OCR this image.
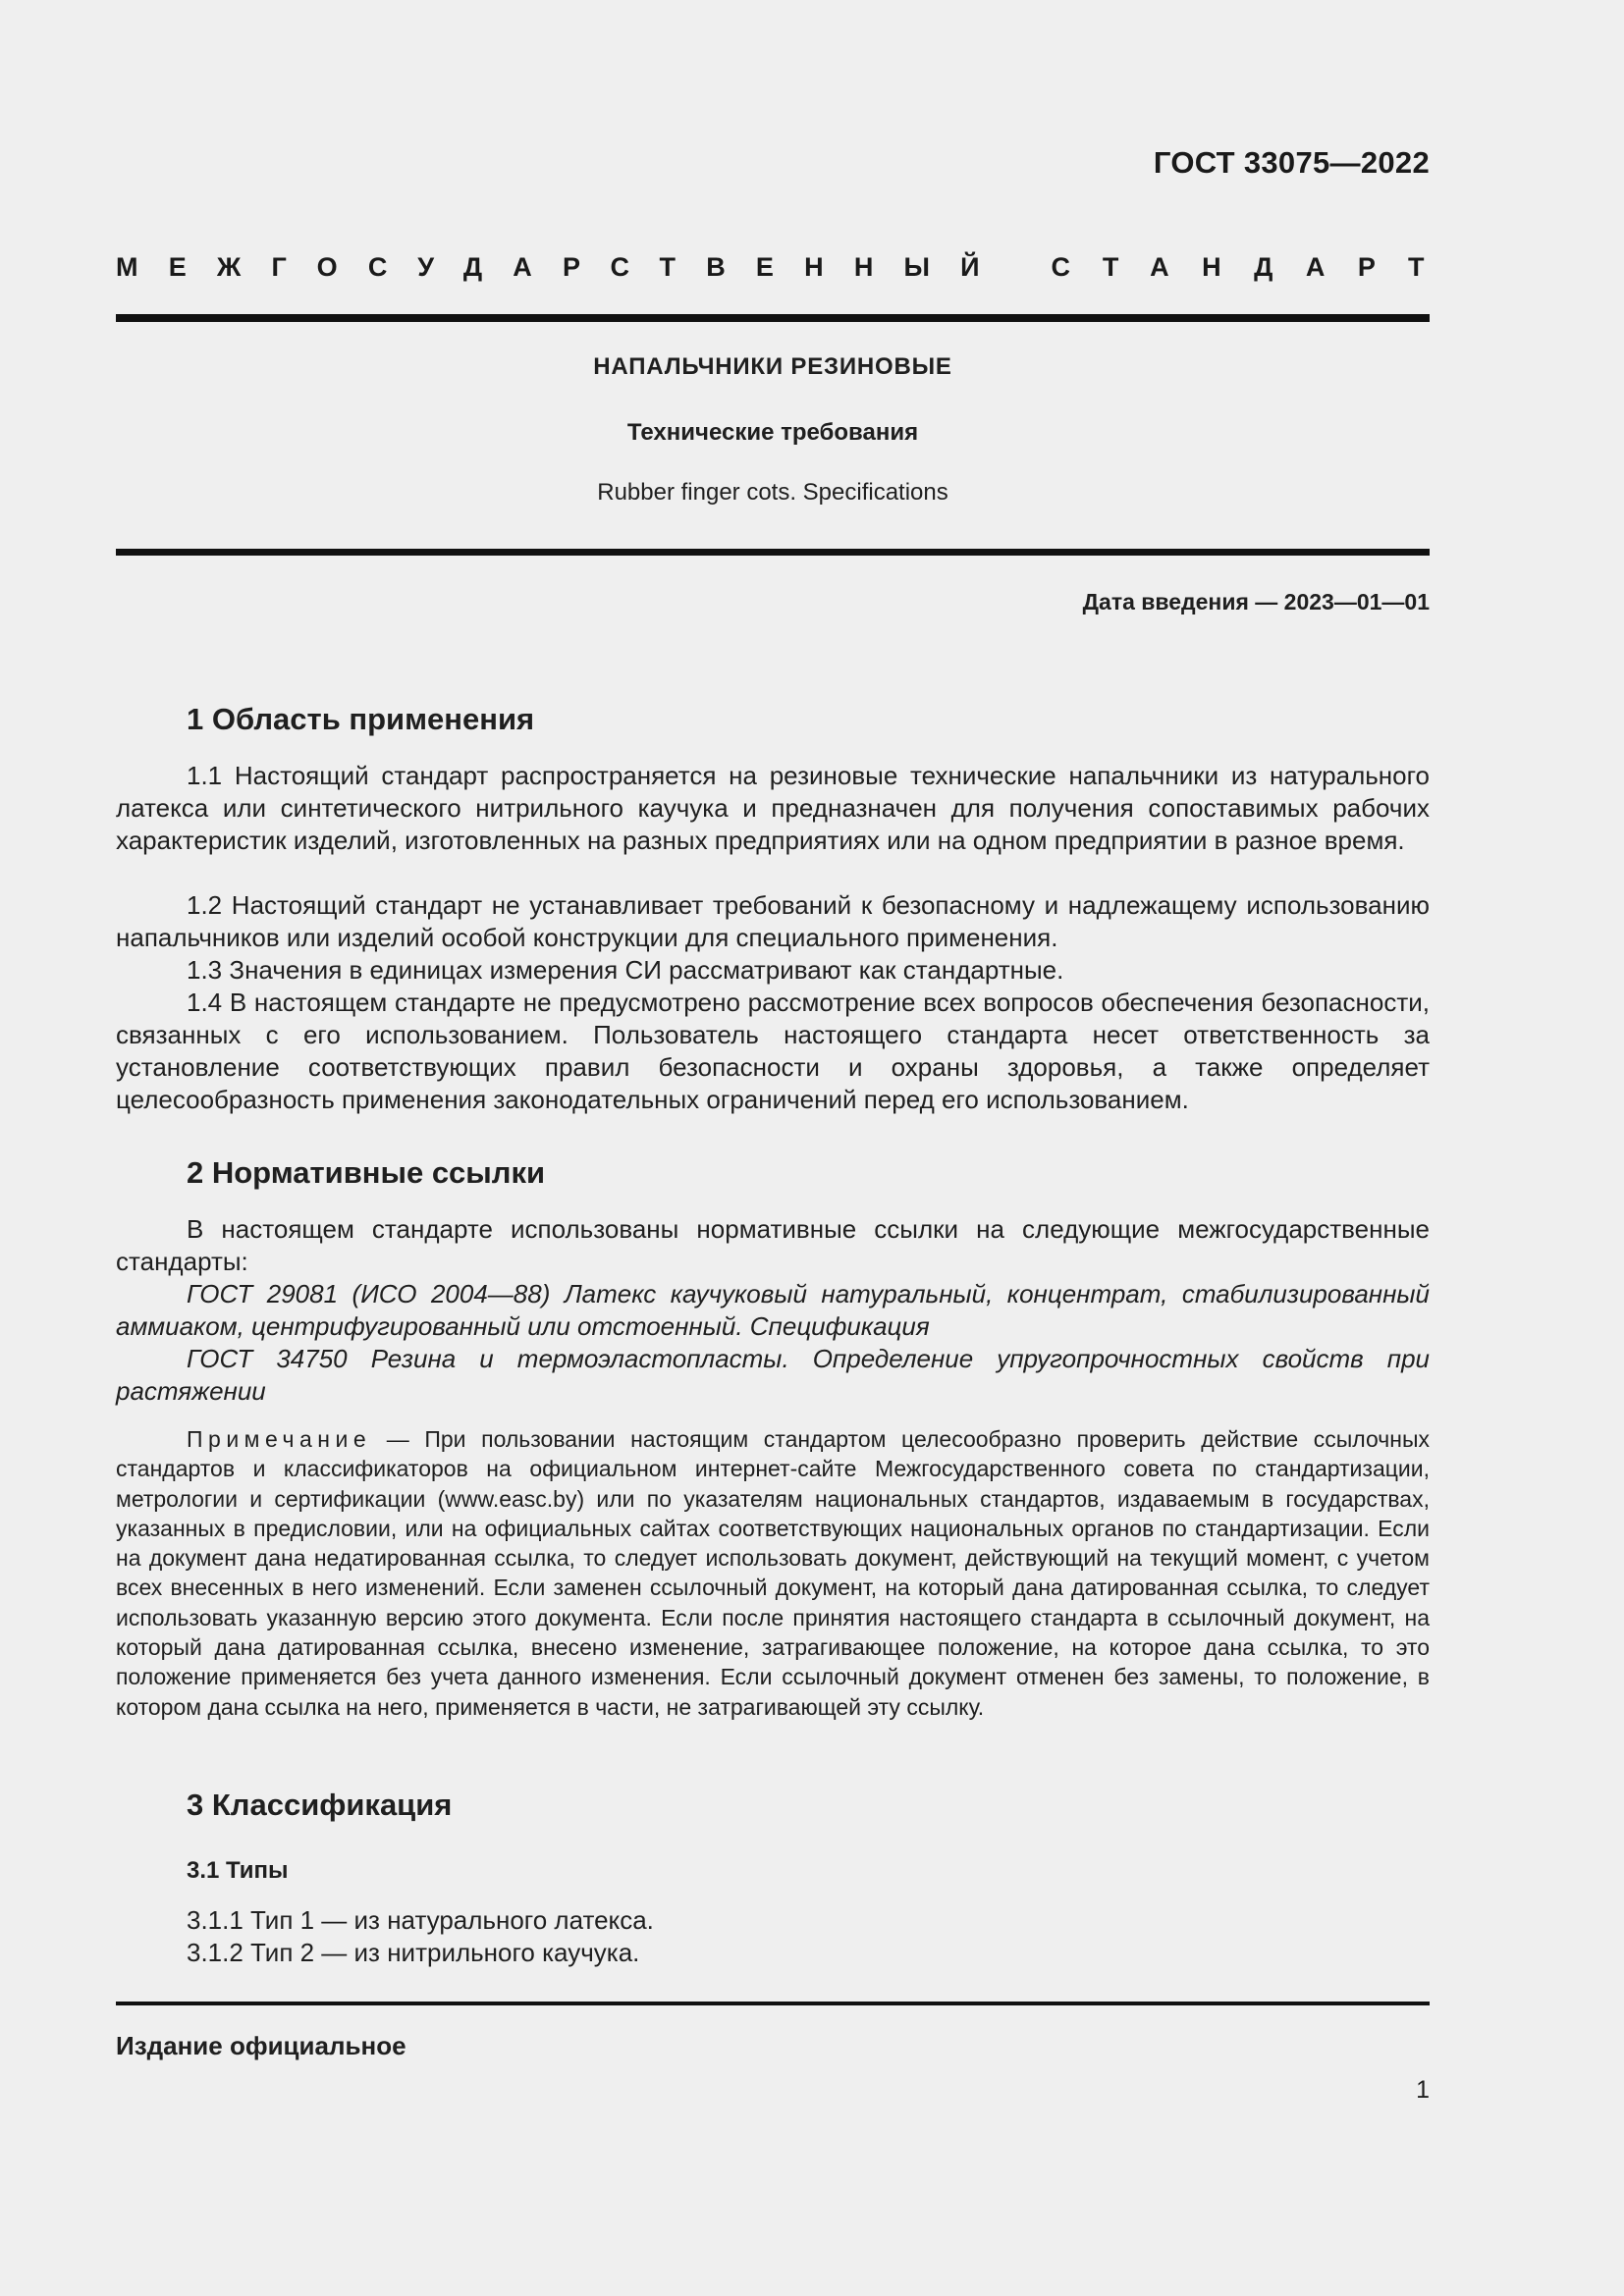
ГОСТ 33075—2022
МЕЖГОСУДАРСТВЕННЫЙ СТАНДАРТ
НАПАЛЬЧНИКИ РЕЗИНОВЫЕ
Технические требования
Rubber finger cots. Specifications
Дата введения — 2023—01—01
1 Область применения

1.1 Настоящий стандарт распространяется на резиновые технические напальчники из натурального латекса или синтетического нитрильного каучука и предназначен для получения сопоставимых рабочих характеристик изделий, изготовленных на разных предприятиях или на одном предприятии в разное время.

1.2 Настоящий стандарт не устанавливает требований к безопасному и надлежащему использованию напальчников или изделий особой конструкции для специального применения.

1.3 Значения в единицах измерения СИ рассматривают как стандартные.

1.4 В настоящем стандарте не предусмотрено рассмотрение всех вопросов обеспечения безопасности, связанных с его использованием. Пользователь настоящего стандарта несет ответственность за установление соответствующих правил безопасности и охраны здоровья, а также определяет целесообразность применения законодательных ограничений перед его использованием.

2 Нормативные ссылки

В настоящем стандарте использованы нормативные ссылки на следующие межгосударственные стандарты:

ГОСТ 29081 (ИСО 2004—88) Латекс каучуковый натуральный, концентрат, стабилизированный аммиаком, центрифугированный или отстоенный. Спецификация

ГОСТ 34750 Резина и термоэластопласты. Определение упругопрочностных свойств при растяжении

Примечание — При пользовании настоящим стандартом целесообразно проверить действие ссылочных стандартов и классификаторов на официальном интернет-сайте Межгосударственного совета по стандартизации, метрологии и сертификации (www.easc.by) или по указателям национальных стандартов, издаваемым в государствах, указанных в предисловии, или на официальных сайтах соответствующих национальных органов по стандартизации. Если на документ дана недатированная ссылка, то следует использовать документ, действующий на текущий момент, с учетом всех внесенных в него изменений. Если заменен ссылочный документ, на который дана датированная ссылка, то следует использовать указанную версию этого документа. Если после принятия настоящего стандарта в ссылочный документ, на который дана датированная ссылка, внесено изменение, затрагивающее положение, на которое дана ссылка, то это положение применяется без учета данного изменения. Если ссылочный документ отменен без замены, то положение, в котором дана ссылка на него, применяется в части, не затрагивающей эту ссылку.

3 Классификация
3.1 Типы
3.1.1 Тип 1 — из натурального латекса.
3.1.2 Тип 2 — из нитрильного каучука.
Издание официальное
1
